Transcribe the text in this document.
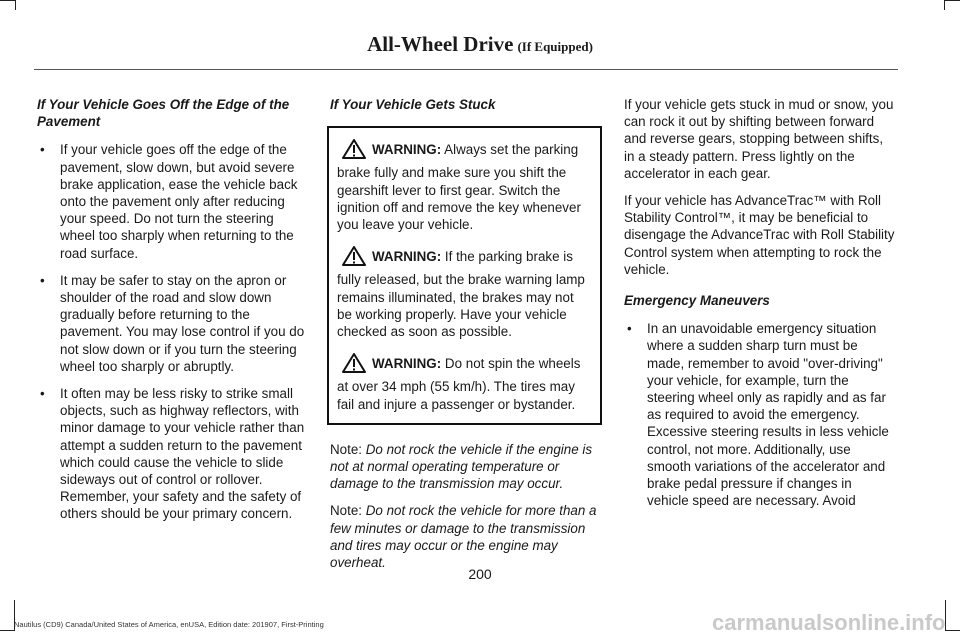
All-Wheel Drive (If Equipped)
If Your Vehicle Goes Off the Edge of the Pavement
• If your vehicle goes off the edge of the pavement, slow down, but avoid severe brake application, ease the vehicle back onto the pavement only after reducing your speed. Do not turn the steering wheel too sharply when returning to the road surface.
• It may be safer to stay on the apron or shoulder of the road and slow down gradually before returning to the pavement. You may lose control if you do not slow down or if you turn the steering wheel too sharply or abruptly.
• It often may be less risky to strike small objects, such as highway reflectors, with minor damage to your vehicle rather than attempt a sudden return to the pavement which could cause the vehicle to slide sideways out of control or rollover. Remember, your safety and the safety of others should be your primary concern.
If Your Vehicle Gets Stuck
WARNING: Always set the parking brake fully and make sure you shift the gearshift lever to first gear. Switch the ignition off and remove the key whenever you leave your vehicle.
WARNING: If the parking brake is fully released, but the brake warning lamp remains illuminated, the brakes may not be working properly. Have your vehicle checked as soon as possible.
WARNING: Do not spin the wheels at over 34 mph (55 km/h). The tires may fail and injure a passenger or bystander.

Note: Do not rock the vehicle if the engine is not at normal operating temperature or damage to the transmission may occur.

Note: Do not rock the vehicle for more than a few minutes or damage to the transmission and tires may occur or the engine may overheat.

If your vehicle gets stuck in mud or snow, you can rock it out by shifting between forward and reverse gears, stopping between shifts, in a steady pattern. Press lightly on the accelerator in each gear.

If your vehicle has AdvanceTrac™ with Roll Stability Control™, it may be beneficial to disengage the AdvanceTrac with Roll Stability Control system when attempting to rock the vehicle.

Emergency Maneuvers
• In an unavoidable emergency situation where a sudden sharp turn must be made, remember to avoid "over-driving" your vehicle, for example, turn the steering wheel only as rapidly and as far as required to avoid the emergency. Excessive steering results in less vehicle control, not more. Additionally, use smooth variations of the accelerator and brake pedal pressure if changes in vehicle speed are necessary. Avoid
200
Nautilus (CD9) Canada/United States of America, enUSA, Edition date: 201907, First-Printing	carmanualsonline.info
